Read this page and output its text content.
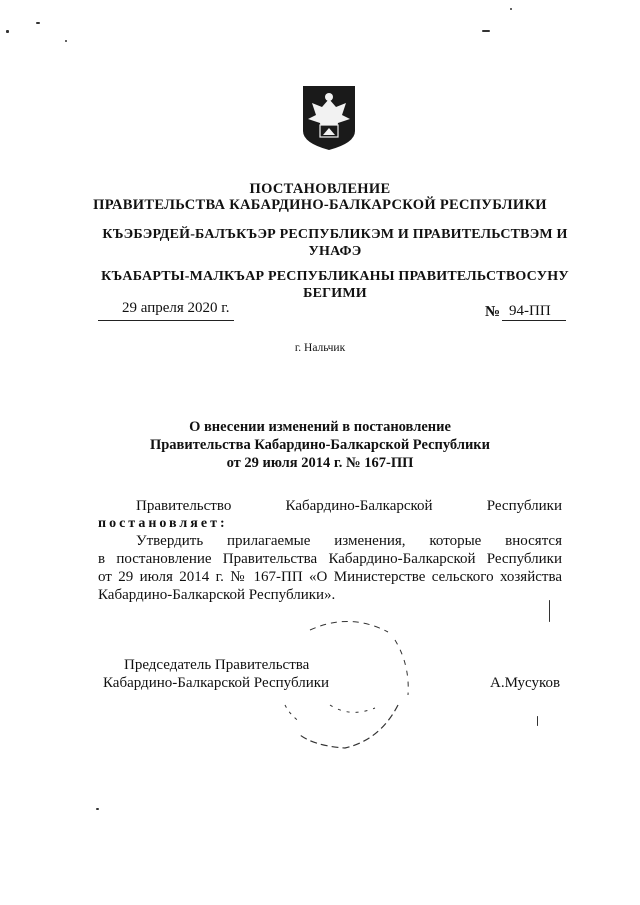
ПОСТАНОВЛЕНИЕ
ПРАВИТЕЛЬСТВА КАБАРДИНО-БАЛКАРСКОЙ РЕСПУБЛИКИ
КЪЭБЭРДЕЙ-БАЛЪКЪЭР РЕСПУБЛИКЭМ И ПРАВИТЕЛЬСТВЭМ И УНАФЭ
КЪАБАРТЫ-МАЛКЪАР РЕСПУБЛИКАНЫ ПРАВИТЕЛЬСТВОСУНУ БЕГИМИ
29 апреля 2020 г.	№ 94-ПП
г. Нальчик
О внесении изменений в постановление
Правительства Кабардино-Балкарской Республики
от 29 июля 2014 г. № 167-ПП
Правительство	Кабардино-Балкарской	Республики
постановляет:
Утвердить прилагаемые изменения, которые вносятся
в постановление Правительства Кабардино-Балкарской Республики
от 29 июля 2014 г. № 167-ПП «О Министерстве сельского хозяйства
Кабардино-Балкарской Республики».
Председатель Правительства
Кабардино-Балкарской Республики	А.Мусуков
